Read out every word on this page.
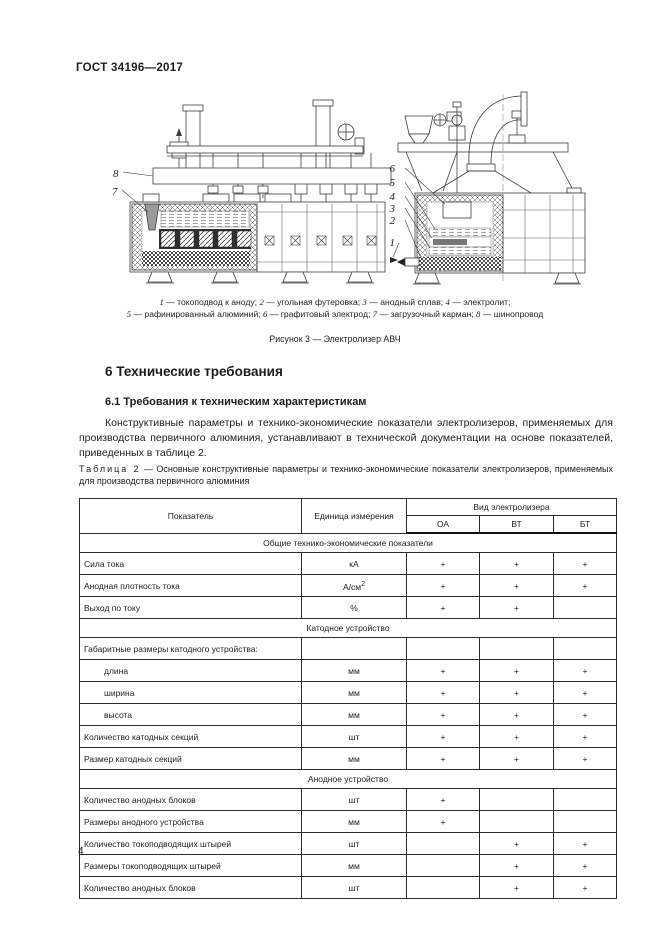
ГОСТ 34196—2017
8
7
6
5
4
3
2
1
1 — токоподвод к аноду; 2 — угольная футеровка; 3 — анодный сплав; 4 — электролит;
5 — рафинированный алюминий; 6 — графитовый электрод; 7 — загрузочный карман; 8 — шинопровод
Рисунок 3 — Электролизер АВЧ
6 Технические требования
6.1 Требования к техническим характеристикам
Конструктивные параметры и технико-экономические показатели электролизеров, применяемых для производства первичного алюминия, устанавливают в технической документации на основе показателей, приведенных в таблице 2.
Таблица 2 — Основные конструктивные параметры и технико-экономические показатели электролизеров, применяемых для производства первичного алюминия
Показатель	Единица измерения	Вид электролизера		
		ОА	ВТ	БТ
Общие технико-экономические показатели				
Сила тока	кА	+	+	+
Анодная плотность тока	$А/см^2$	+	+	+
Выход по току	%	+	+	
Катодное устройство				
Габаритные размеры катодного устройства:				
длина	мм	+	+	+
ширина	мм	+	+	+
высота	мм	+	+	+
Количество катодных секций	шт	+	+	+
Размер катодных секций	мм	+	+	+
Анодное устройство				
Количество анодных блоков	шт	+		
Размеры анодного устройства	мм	+		
Количество токоподводящих штырей	шт		+	+
Размеры токоподводящих штырей	мм		+	+
Количество анодных блоков	шт		+	+
4
